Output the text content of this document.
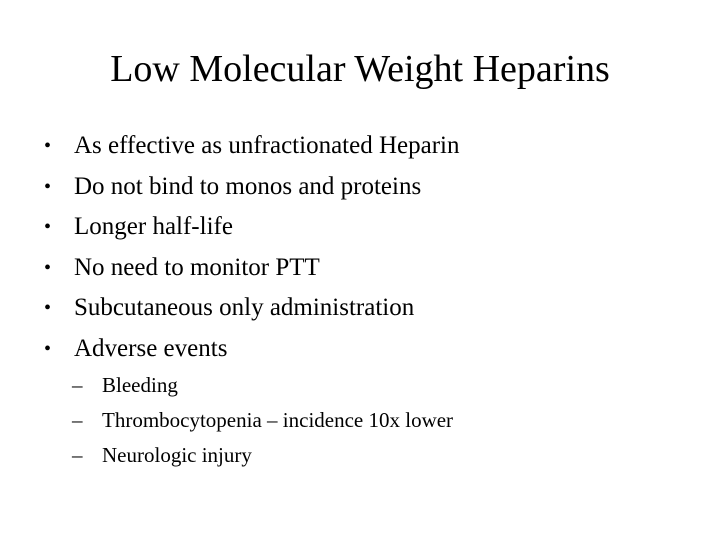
Low Molecular Weight Heparins
• As effective as unfractionated Heparin
• Do not bind to monos and proteins
• Longer half-life
• No need to monitor PTT
• Subcutaneous only administration
• Adverse events
– Bleeding
– Thrombocytopenia – incidence 10x lower
– Neurologic injury
